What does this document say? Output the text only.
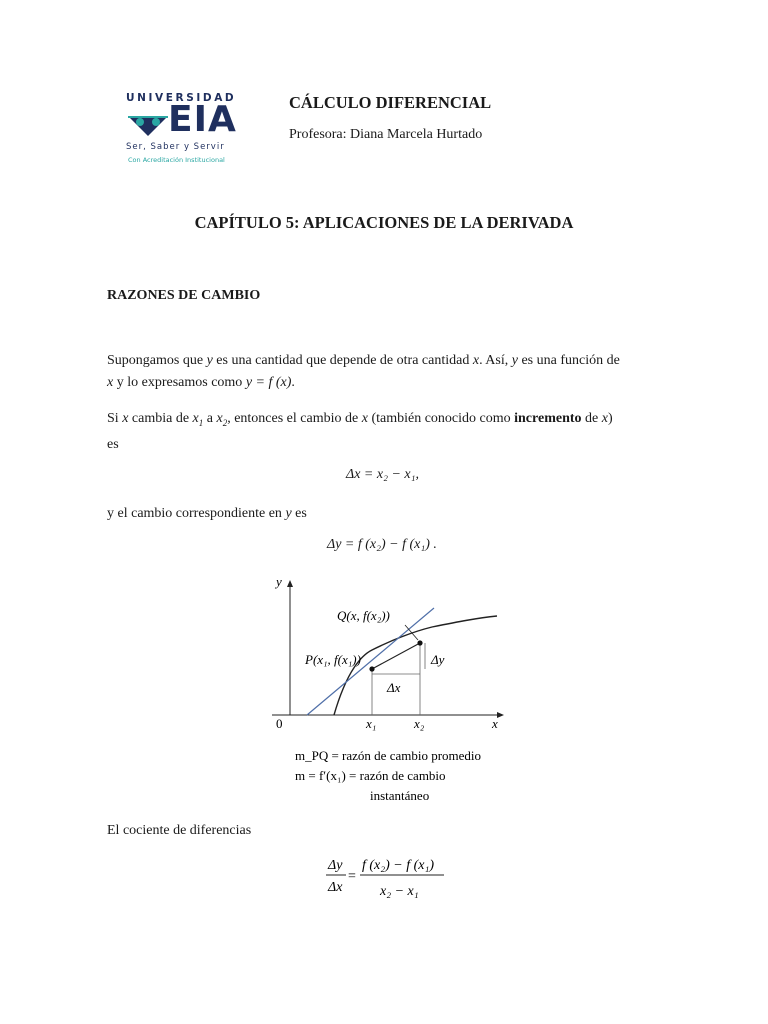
UNIVERSIDAD
EIA
Ser, Saber y Servir
Con Acreditación Institucional
CÁLCULO DIFERENCIAL
Profesora: Diana Marcela Hurtado
CAPÍTULO 5: APLICACIONES DE LA DERIVADA
RAZONES DE CAMBIO
Supongamos que y es una cantidad que depende de otra cantidad x. Así, y es una función de
x y lo expresamos como y = f (x).
Si x cambia de $x_1$ a $x_2$, entonces el cambio de x (también conocido como incremento de x)
es
Δx = x₂ − x₁,
y el cambio correspondiente en y es
Δy = f (x₂) − f (x₁) .
y
x
0
Q(x, f(x₂))
P(x₁, f(x₁))	Δy
Δx
x₁	x₂
m_PQ = razón de cambio promedio
m = f′(x₁) = razón de cambio
instantáneo
El cociente de diferencias
Δy
Δx
=
f (x₂) − f (x₁)
x₂ − x₁
